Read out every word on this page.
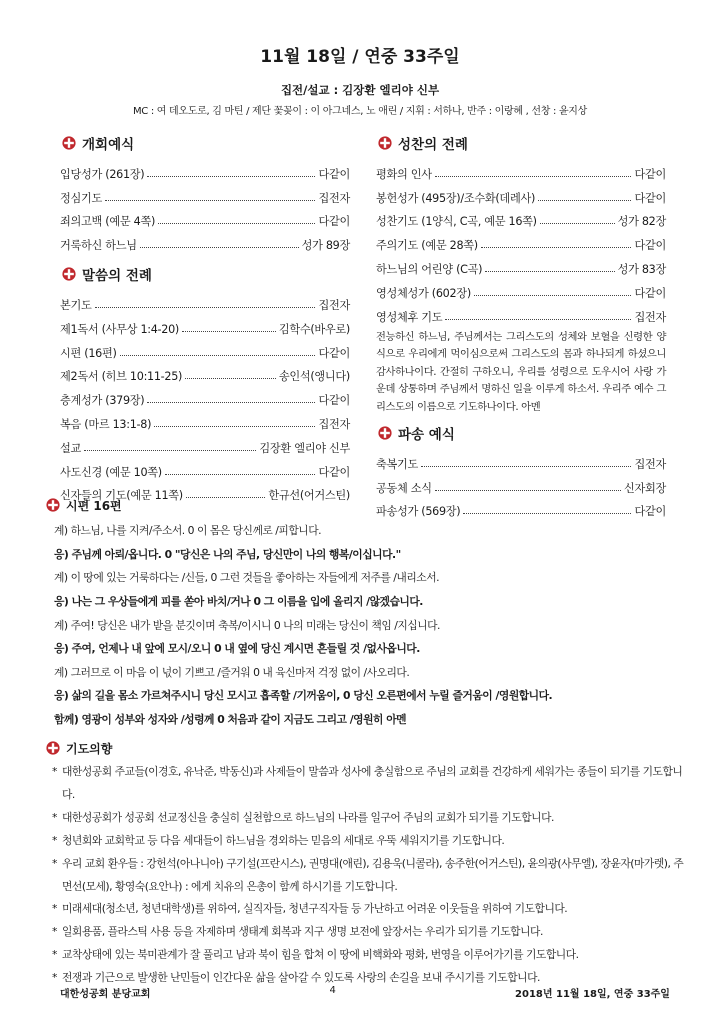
11월 18일 / 연중 33주일
집전/설교 : 김장환 엘리야 신부
MC : 여 데오도로, 김 마틴 / 제단 꽃꽂이 : 이 아그네스, 노 애린 / 지휘 : 서하나, 반주 : 이랑혜 , 선창 : 윤지상
개회예식
입당성가 (261장)	다같이
정심기도	집전자
죄의고백 (예문 4쪽)	다같이
거룩하신 하느님	성가 89장
말씀의 전례
본기도	집전자
제1독서 (사무상 1:4-20)	김학수(바우로)
시편 (16편)	다같이
제2독서 (히브 10:11-25)	송인석(앵니다)
층계성가 (379장)	다같이
복음 (마르 13:1-8)	집전자
설교	김장환 엘리야 신부
사도신경 (예문 10쪽)	다같이
신자들의 기도(예문 11쪽)	한규선(어거스틴)
성찬의 전례
평화의 인사	다같이
봉헌성가 (495장)/조수화(데레사)	다같이
성찬기도 (1양식, C곡, 예문 16쪽)	성가 82장
주의기도 (예문 28쪽)	다같이
하느님의 어린양 (C곡)	성가 83장
영성체성가 (602장)	다같이
영성체후 기도	집전자
전능하신 하느님, 주님께서는 그리스도의 성체와 보혈을 신령한 양식으로 우리에게 먹이심으로써 그리스도의 몸과 하나되게 하셨으니 감사하나이다. 간절히 구하오니, 우리를 성령으로 도우시어 사랑 가운데 상통하며 주님께서 명하신 일을 이루게 하소서. 우리주 예수 그리스도의 이름으로 기도하나이다. 아멘
파송 예식
축복기도	집전자
공동체 소식	신자회장
파송성가 (569장)	다같이
시편 16편
계) 하느님, 나를 지켜/주소서. 0 이 몸은 당신께로 /피합니다.
응) 주님께 아뢰/옵니다. 0 "당신은 나의 주님, 당신만이 나의 행복/이십니다."
계) 이 땅에 있는 거룩하다는 /신들, 0 그런 것들을 좋아하는 자들에게 저주를 /내리소서.
응) 나는 그 우상들에게 피를 쏟아 바치/거나 0 그 이름을 입에 올리지 /않겠습니다.
계) 주여! 당신은 내가 받을 분깃이며 축복/이시니 0 나의 미래는 당신이 책임 /지십니다.
응) 주여, 언제나 내 앞에 모시/오니 0 내 옆에 당신 계시면 흔들릴 것 /없사옵니다.
계) 그러므로 이 마음 이 넋이 기쁘고 /즐거워 0 내 육신마저 걱정 없이 /사오리다.
응) 삶의 길을 몸소 가르쳐주시니 당신 모시고 흡족할 /기꺼움이, 0 당신 오른편에서 누릴 즐거움이 /영원합니다.
함께) 영광이 성부와 성자와 /성령께 0 처음과 같이 지금도 그리고 /영원히 아멘
기도의향
* 대한성공회 주교들(이경호, 유낙준, 박동신)과 사제들이 말씀과 성사에 충실함으로 주님의 교회를 건강하게 세워가는 종들이 되기를 기도합니다.
* 대한성공회가 성공회 선교정신을 충실히 실천함으로 하느님의 나라를 일구어 주님의 교회가 되기를 기도합니다.
* 청년회와 교회학교 등 다음 세대들이 하느님을 경외하는 믿음의 세대로 우뚝 세워지기를 기도합니다.
* 우리 교회 환우들 : 강헌석(아나니아) 구기설(프란시스), 권명대(애린), 김용욱(니콜라), 송주한(어거스틴), 윤의광(사무엘), 장윤자(마가렛), 주면선(모세), 황영숙(요안나) : 에게 치유의 은총이 함께 하시기를 기도합니다.
* 미래세대(청소년, 청년대학생)를 위하여, 실직자들, 청년구직자들 등 가난하고 어려운 이웃들을 위하여 기도합니다.
* 일회용품, 플라스틱 사용 등을 자제하며 생태계 회복과 지구 생명 보전에 앞장서는 우리가 되기를 기도합니다.
* 교착상태에 있는 북미관계가 잘 풀리고 남과 북이 힘을 합쳐 이 땅에 비핵화와 평화, 번영을 이루어가기를 기도합니다.
* 전쟁과 기근으로 발생한 난민들이 인간다운 삶을 살아갈 수 있도록 사랑의 손길을 보내 주시기를 기도합니다.
대한성공회 분당교회	4	2018년 11월 18일, 연중 33주일
